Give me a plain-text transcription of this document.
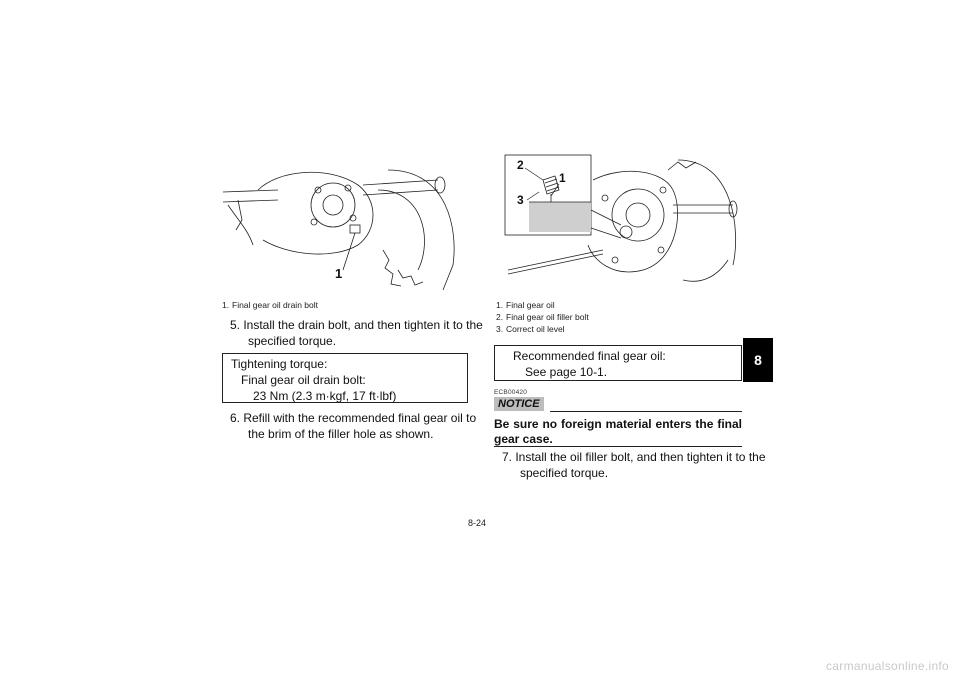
1
2
1
3
1. Final gear oil drain bolt
5. Install the drain bolt, and then tighten it to the specified torque.
Tightening torque:
Final gear oil drain bolt:
23 Nm (2.3 m·kgf, 17 ft·lbf)
6. Refill with the recommended final gear oil to the brim of the filler hole as shown.
1. Final gear oil
2. Final gear oil filler bolt
3. Correct oil level
Recommended final gear oil:
See page 10-1.
ECB00420
NOTICE
Be sure no foreign material enters the final gear case.
7. Install the oil filler bolt, and then tighten it to the specified torque.
8
8-24
carmanualsonline.info
